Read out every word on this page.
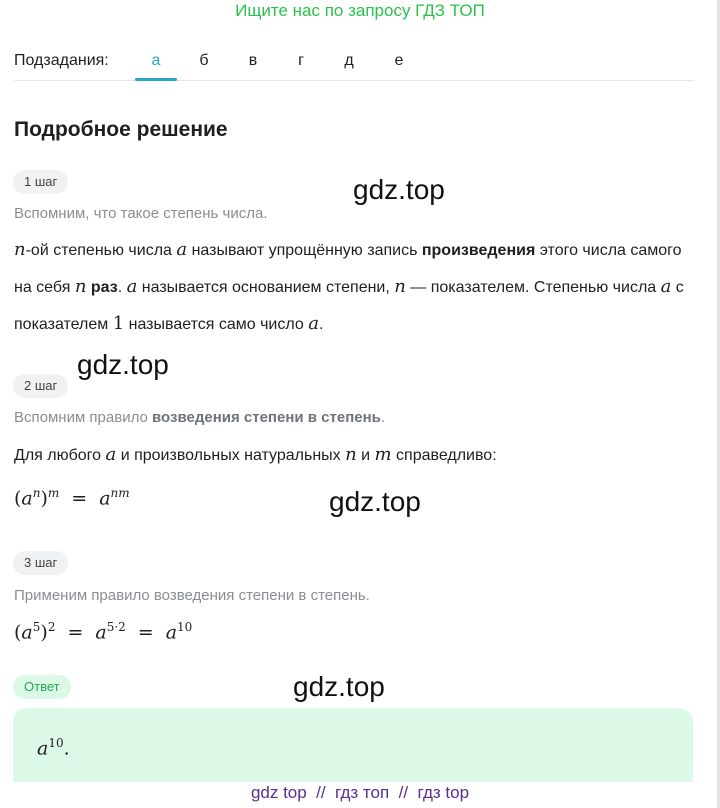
Ищите нас по запросу ГДЗ ТОП
Подзадания:	а	б	в	г	д	е
Подробное решение
1 шаг
Вспомним, что такое степень числа.
n-ой степенью числа a называют упрощённую запись произведения этого числа самого на себя n раз. a называется основанием степени, n — показателем. Степенью числа a с показателем 1 называется само число a.
2 шаг
Вспомним правило возведения степени в степень.
Для любого a и произвольных натуральных n и m справедливо:
$(a^n)^m = a^{nm}$
3 шаг
Применим правило возведения степени в степень.
$(a^5)^2 = a^{5\cdot 2} = a^{10}$
Ответ
$a^{10}$.
gdz.top
gdz.top
gdz.top
gdz.top
gdz top  //  гдз топ  //  гдз top
